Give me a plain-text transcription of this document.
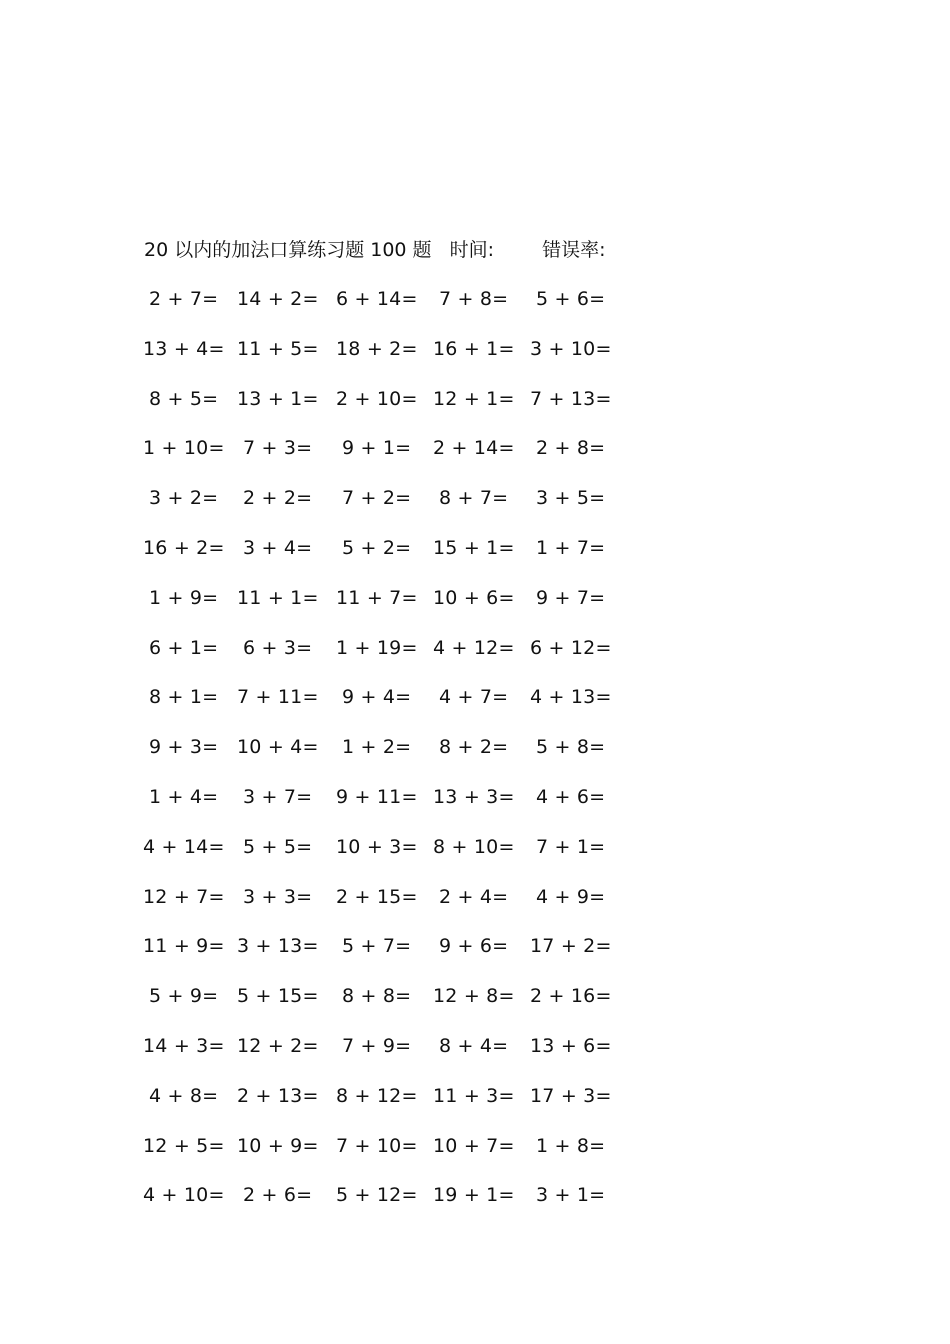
20 以内的加法口算练习题 100 题 时间:	错误率:
2 + 7= 14 + 2= 6 + 14= 7 + 8= 5 + 6=
13 + 4= 11 + 5= 18 + 2= 16 + 1= 3 + 10=
8 + 5= 13 + 1= 2 + 10= 12 + 1= 7 + 13=
1 + 10= 7 + 3= 9 + 1= 2 + 14= 2 + 8=
3 + 2= 2 + 2= 7 + 2= 8 + 7= 3 + 5=
16 + 2= 3 + 4= 5 + 2= 15 + 1= 1 + 7=
1 + 9= 11 + 1= 11 + 7= 10 + 6= 9 + 7=
6 + 1= 6 + 3= 1 + 19= 4 + 12= 6 + 12=
8 + 1= 7 + 11= 9 + 4= 4 + 7= 4 + 13=
9 + 3= 10 + 4= 1 + 2= 8 + 2= 5 + 8=
1 + 4= 3 + 7= 9 + 11= 13 + 3= 4 + 6=
4 + 14= 5 + 5= 10 + 3= 8 + 10= 7 + 1=
12 + 7= 3 + 3= 2 + 15= 2 + 4= 4 + 9=
11 + 9= 3 + 13= 5 + 7= 9 + 6= 17 + 2=
5 + 9= 5 + 15= 8 + 8= 12 + 8= 2 + 16=
14 + 3= 12 + 2= 7 + 9= 8 + 4= 13 + 6=
4 + 8= 2 + 13= 8 + 12= 11 + 3= 17 + 3=
12 + 5= 10 + 9= 7 + 10= 10 + 7= 1 + 8=
4 + 10= 2 + 6= 5 + 12= 19 + 1= 3 + 1=
